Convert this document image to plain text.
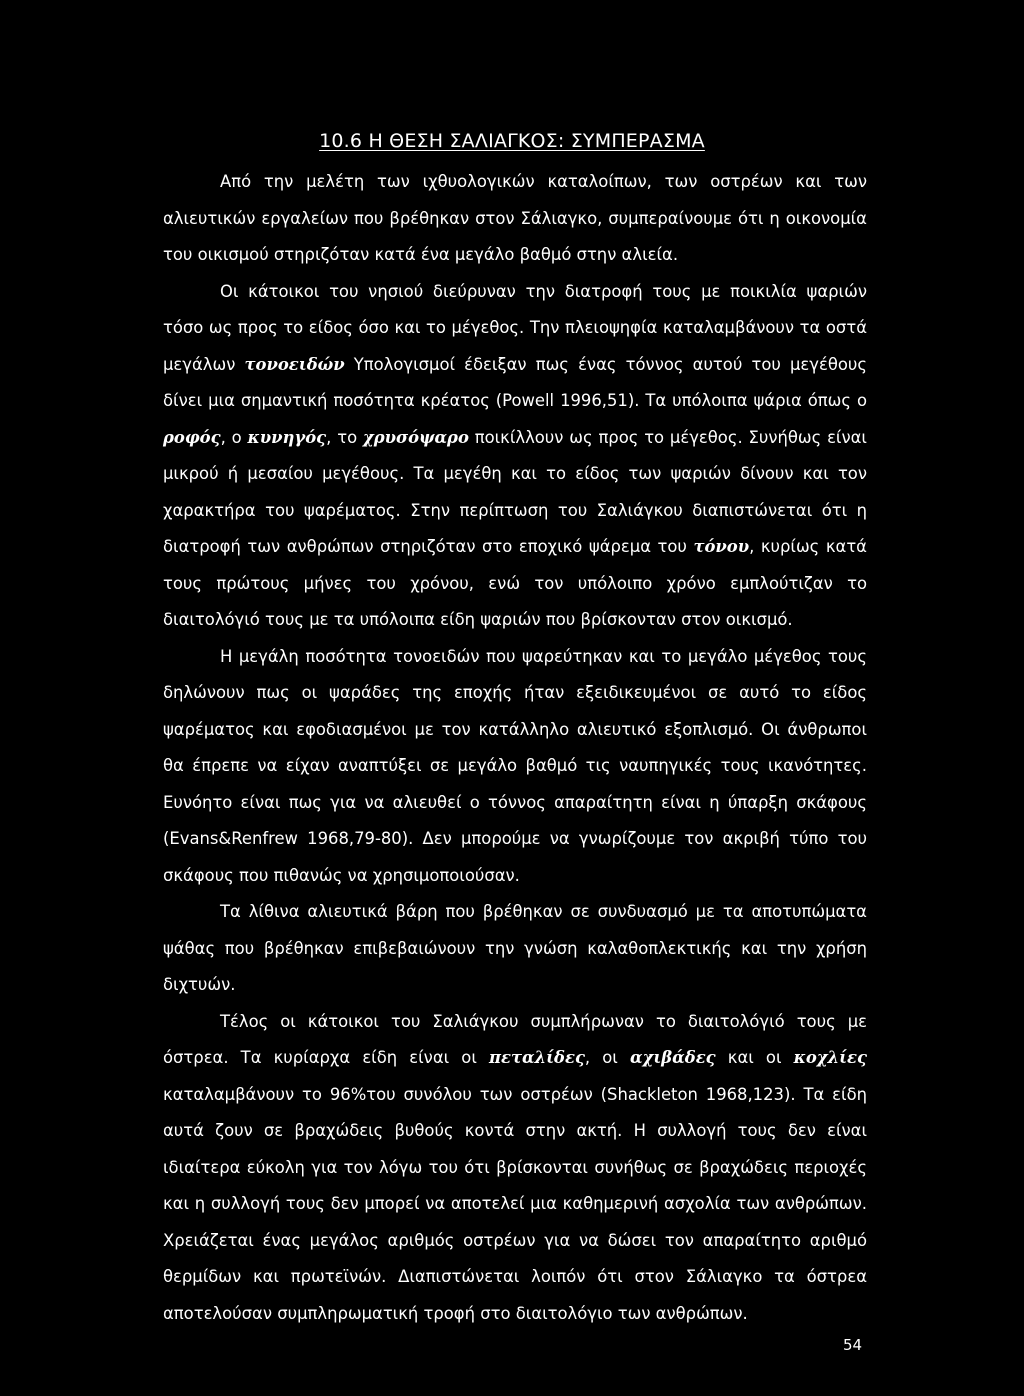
10.6 Η ΘΕΣΗ ΣΑΛΙΑΓΚΟΣ: ΣΥΜΠΕΡΑΣΜΑ

Από την μελέτη των ιχθυολογικών καταλοίπων, των οστρέων και των αλιευτικών εργαλείων που βρέθηκαν στον Σάλιαγκο, συμπεραίνουμε ότι η οικονομία του οικισμού στηριζόταν κατά ένα μεγάλο βαθμό στην αλιεία.

Οι κάτοικοι του νησιού διεύρυναν την διατροφή τους με ποικιλία ψαριών τόσο ως προς το είδος όσο και το μέγεθος. Την πλειοψηφία καταλαμβάνουν τα οστά μεγάλων τονοειδών Υπολογισμοί έδειξαν πως ένας τόννος αυτού του μεγέθους δίνει μια σημαντική ποσότητα κρέατος (Powell 1996,51). Τα υπόλοιπα ψάρια όπως ο ροφός, ο κυνηγός, το χρυσόψαρο ποικίλλουν ως προς το μέγεθος. Συνήθως είναι μικρού ή μεσαίου μεγέθους. Τα μεγέθη και το είδος των ψαριών δίνουν και τον χαρακτήρα του ψαρέματος. Στην περίπτωση του Σαλιάγκου διαπιστώνεται ότι η διατροφή των ανθρώπων στηριζόταν στο εποχικό ψάρεμα του τόνου, κυρίως κατά τους πρώτους μήνες του χρόνου, ενώ τον υπόλοιπο χρόνο εμπλούτιζαν το διαιτολόγιό τους με τα υπόλοιπα είδη ψαριών που βρίσκονταν στον οικισμό.

Η μεγάλη ποσότητα τονοειδών που ψαρεύτηκαν και το μεγάλο μέγεθος τους δηλώνουν πως οι ψαράδες της εποχής ήταν εξειδικευμένοι σε αυτό το είδος ψαρέματος και εφοδιασμένοι με τον κατάλληλο αλιευτικό εξοπλισμό. Οι άνθρωποι θα έπρεπε να είχαν αναπτύξει σε μεγάλο βαθμό τις ναυπηγικές τους ικανότητες. Ευνόητο είναι πως για να αλιευθεί ο τόννος απαραίτητη είναι η ύπαρξη σκάφους (Evans&Renfrew 1968,79-80). Δεν μπορούμε να γνωρίζουμε τον ακριβή τύπο του σκάφους που πιθανώς να χρησιμοποιούσαν.

Τα λίθινα αλιευτικά βάρη που βρέθηκαν σε συνδυασμό με τα αποτυπώματα ψάθας που βρέθηκαν επιβεβαιώνουν την γνώση καλαθοπλεκτικής και την χρήση διχτυών.

Τέλος οι κάτοικοι του Σαλιάγκου συμπλήρωναν το διαιτολόγιό τους με όστρεα. Τα κυρίαρχα είδη είναι οι πεταλίδες, οι αχιβάδες και οι κοχλίες καταλαμβάνουν το 96%του συνόλου των οστρέων (Shackleton 1968,123). Τα είδη αυτά ζουν σε βραχώδεις βυθούς κοντά στην ακτή. Η συλλογή τους δεν είναι ιδιαίτερα εύκολη για τον λόγω του ότι βρίσκονται συνήθως σε βραχώδεις περιοχές και η συλλογή τους δεν μπορεί να αποτελεί μια καθημερινή ασχολία των ανθρώπων. Χρειάζεται ένας μεγάλος αριθμός οστρέων για να δώσει τον απαραίτητο αριθμό θερμίδων και πρωτεϊνών. Διαπιστώνεται λοιπόν ότι στον Σάλιαγκο τα όστρεα αποτελούσαν συμπληρωματική τροφή στο διαιτολόγιο των ανθρώπων.

54
